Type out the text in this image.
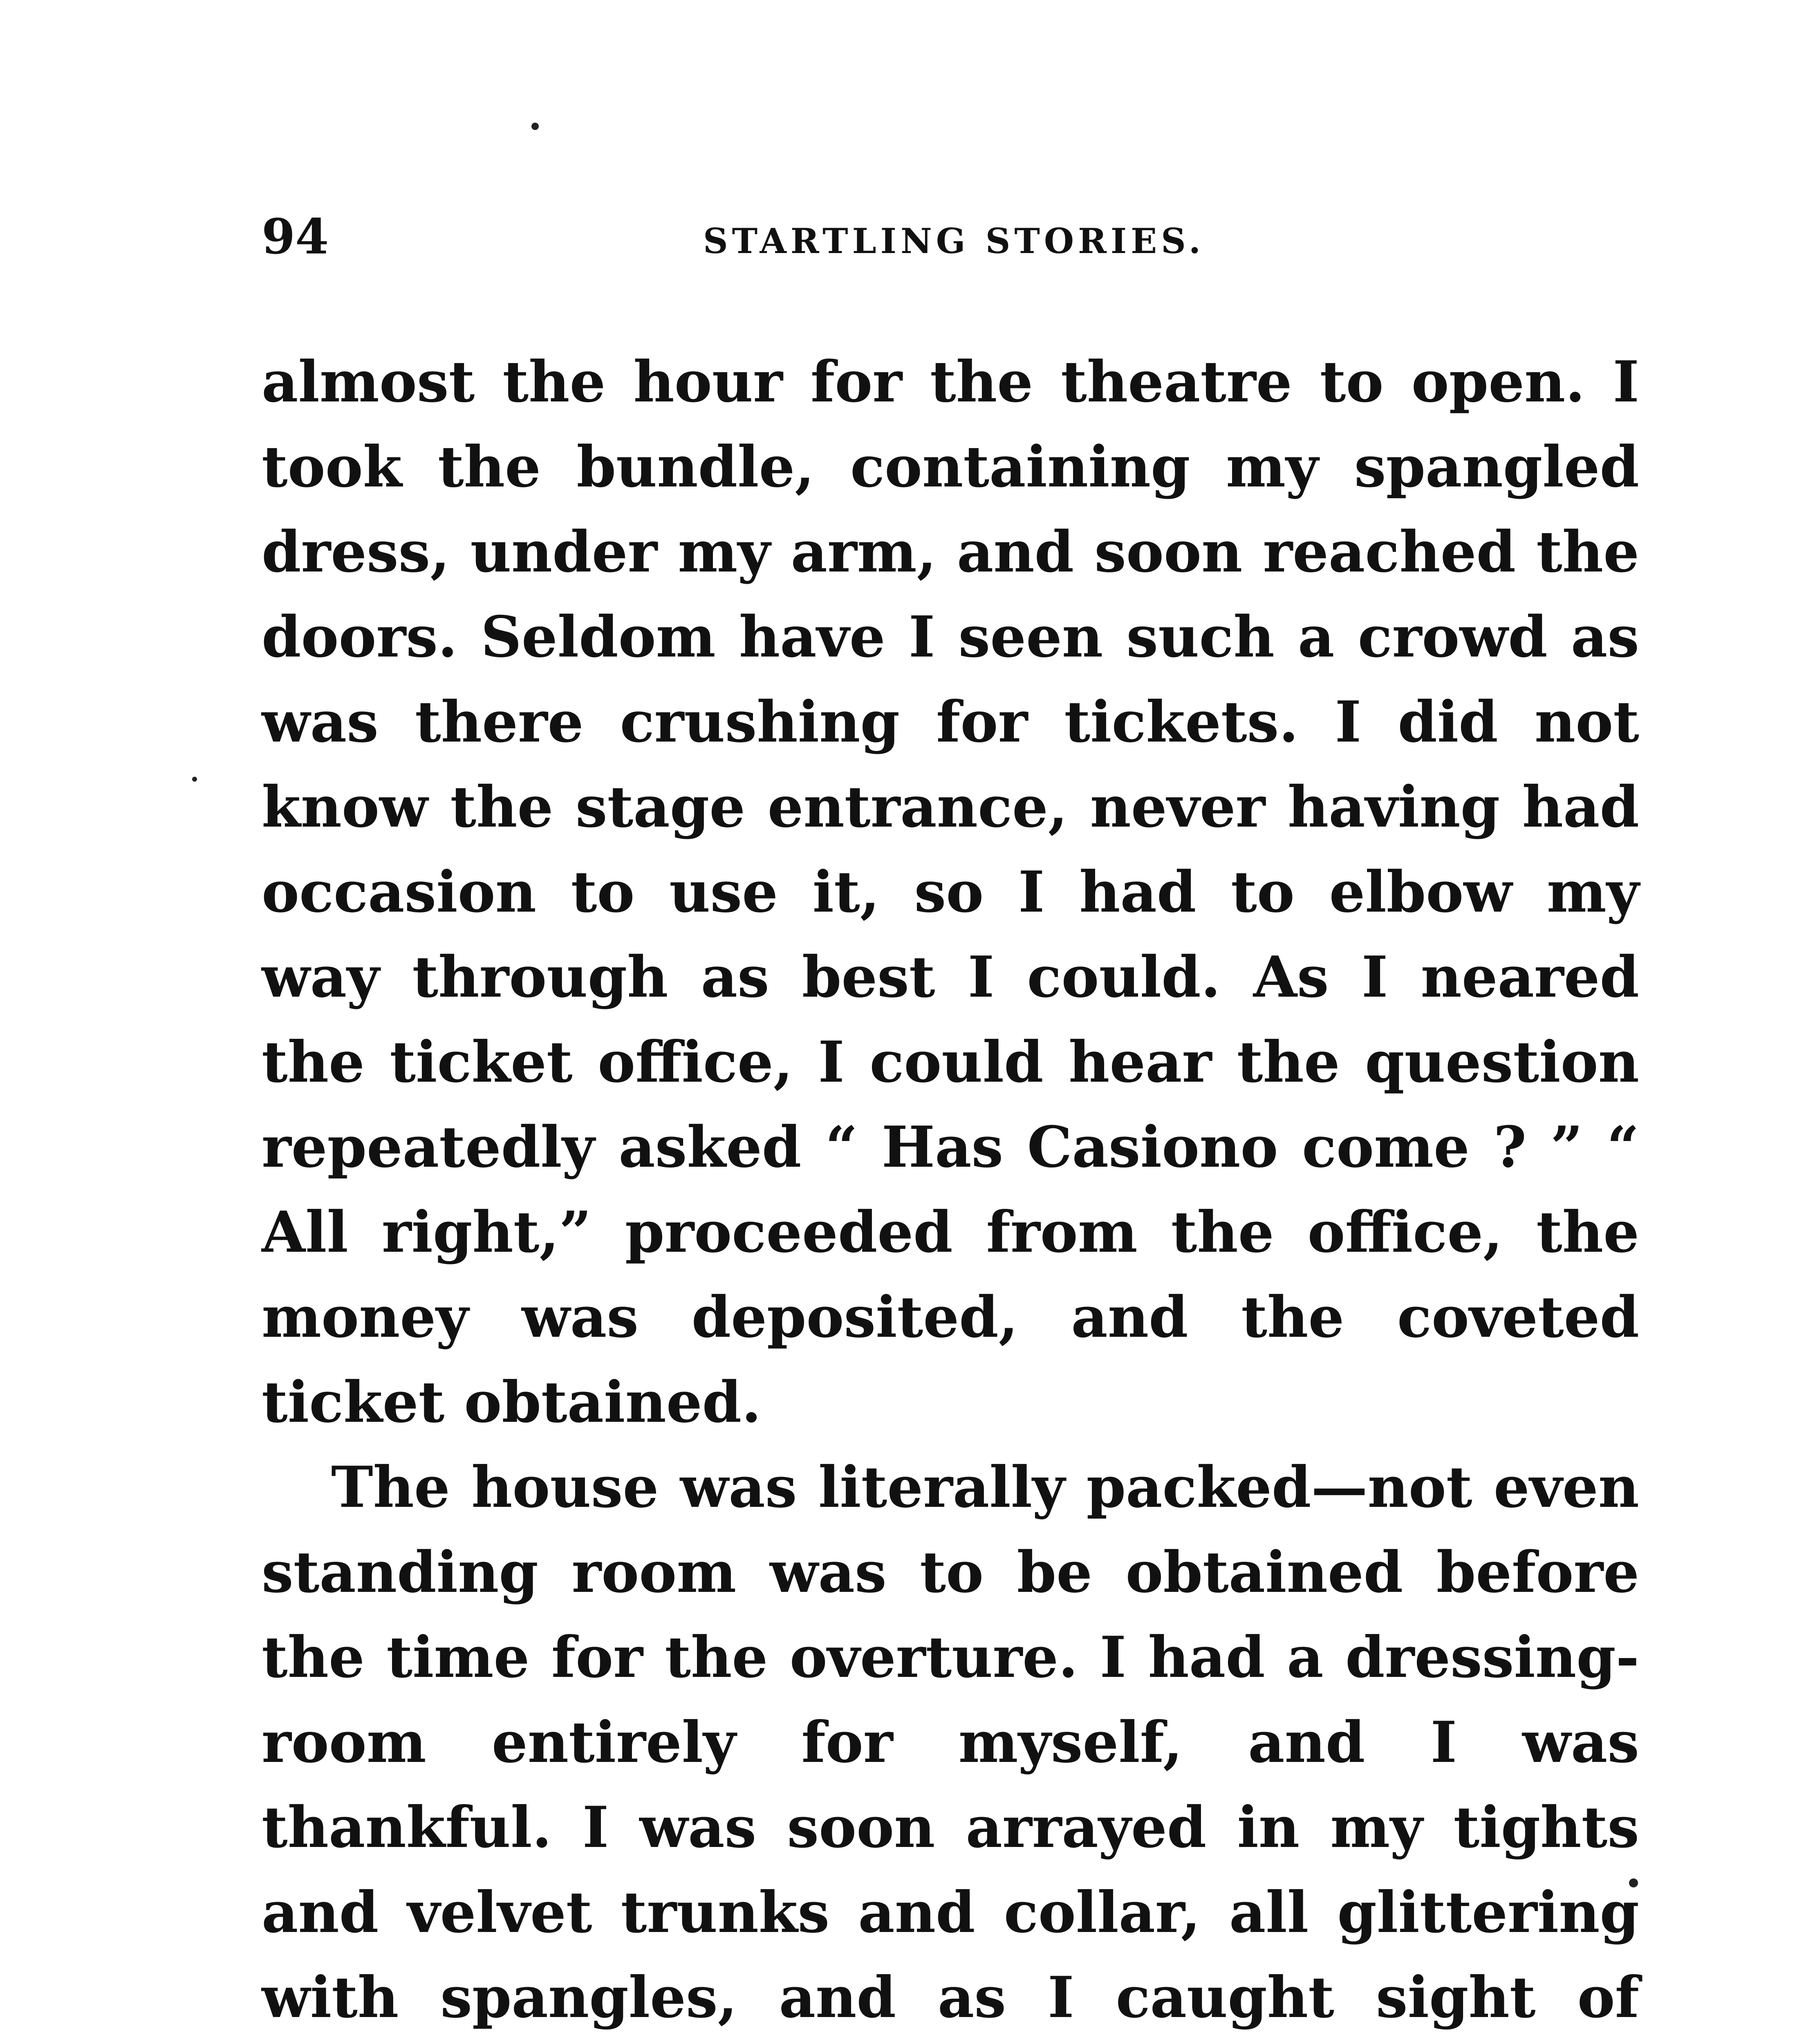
94	STARTLING STORIES.

almost the hour for the theatre to open. I took the bundle, containing my spangled dress, under my arm, and soon reached the doors. Seldom have I seen such a crowd as was there crushing for tickets. I did not know the stage entrance, never having had occasion to use it, so I had to elbow my way through as best I could. As I neared the ticket office, I could hear the question repeatedly asked “ Has Casiono come ? ” “ All right,” proceeded from the office, the money was deposited, and the coveted ticket obtained.

The house was literally packed—not even standing room was to be obtained before the time for the overture. I had a dressing-room entirely for myself, and I was thankful. I was soon arrayed in my tights and velvet trunks and collar, all glittering with spangles, and as I caught sight of
